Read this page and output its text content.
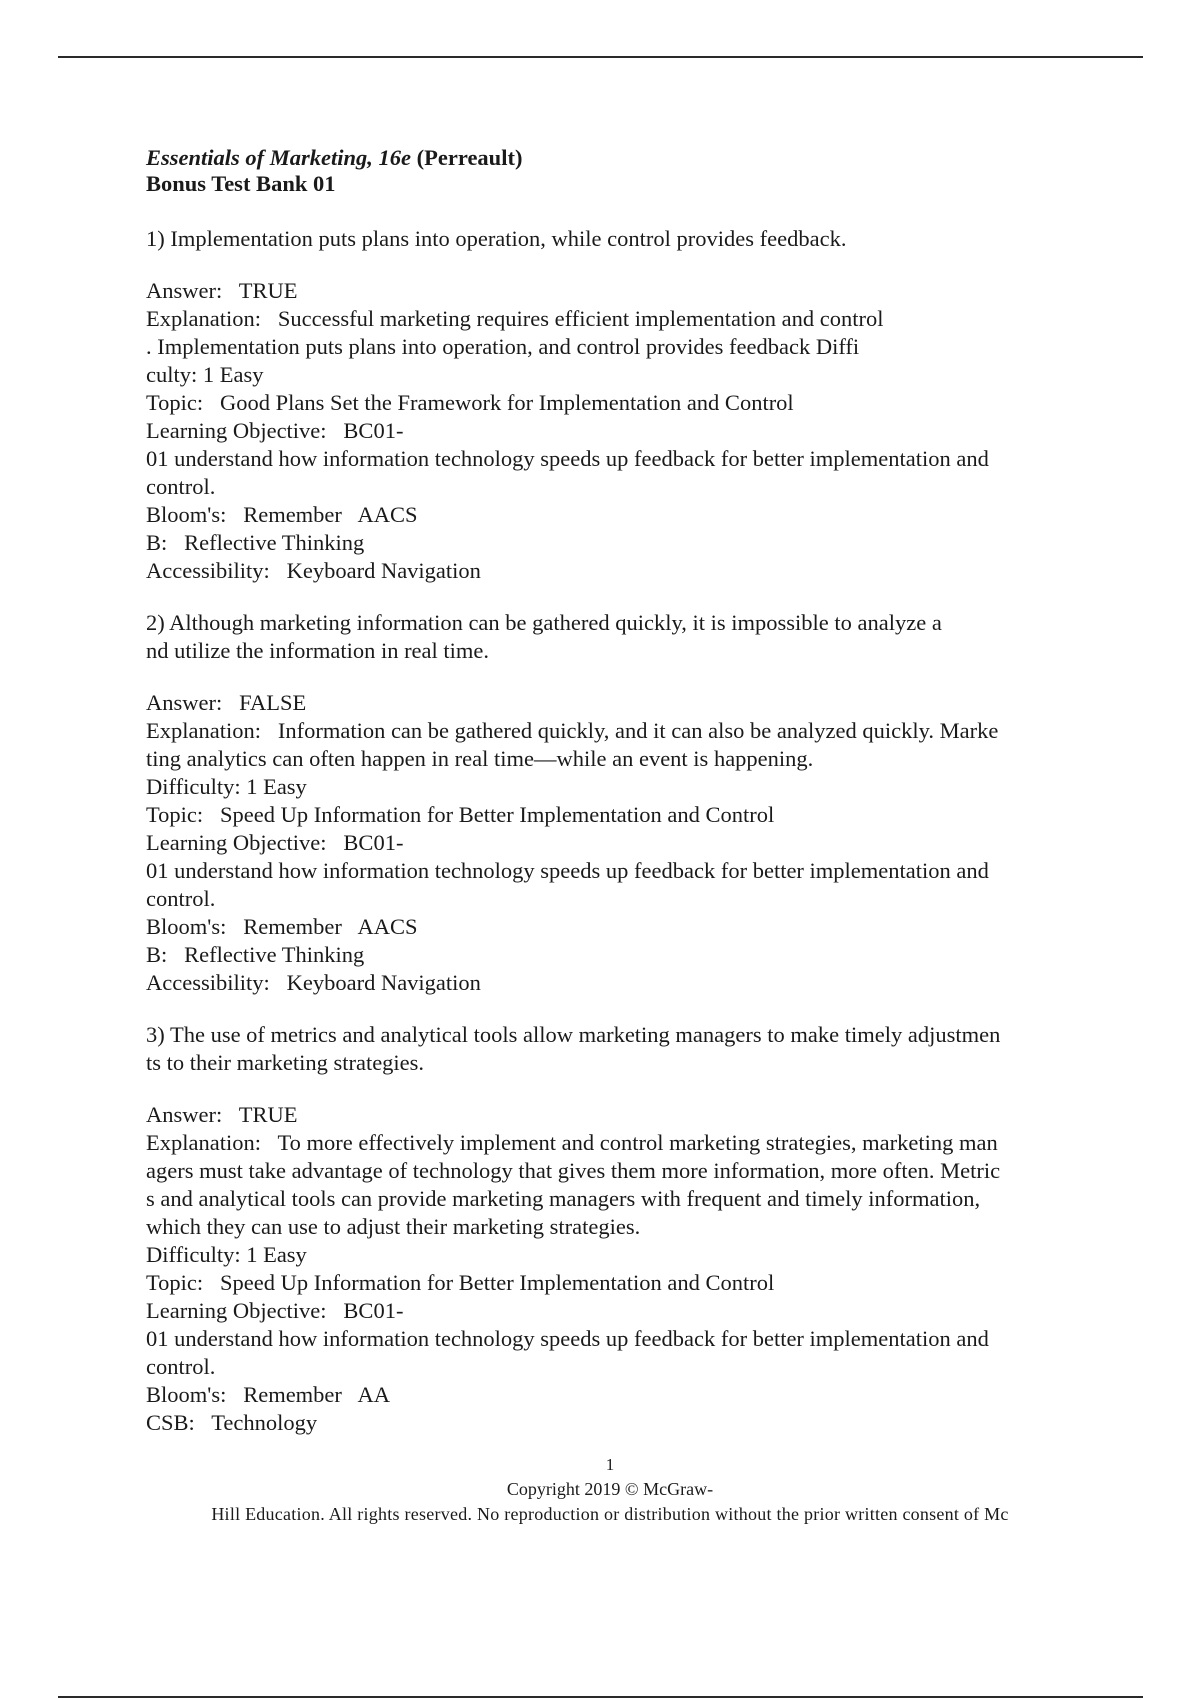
Essentials of Marketing, 16e (Perreault)
Bonus Test Bank 01
1) Implementation puts plans into operation, while control provides feedback.
Answer:   TRUE
Explanation:   Successful marketing requires efficient implementation and control
. Implementation puts plans into operation, and control provides feedback Diffi
culty: 1 Easy
Topic:   Good Plans Set the Framework for Implementation and Control
Learning Objective:   BC01-
01 understand how information technology speeds up feedback for better implementation and
control.
Bloom's:   Remember   AACS
B:   Reflective Thinking
Accessibility:   Keyboard Navigation
2) Although marketing information can be gathered quickly, it is impossible to analyze a
nd utilize the information in real time.
Answer:   FALSE
Explanation:   Information can be gathered quickly, and it can also be analyzed quickly. Marke
ting analytics can often happen in real time—while an event is happening.
Difficulty: 1 Easy
Topic:   Speed Up Information for Better Implementation and Control
Learning Objective:   BC01-
01 understand how information technology speeds up feedback for better implementation and
control.
Bloom's:   Remember   AACS
B:   Reflective Thinking
Accessibility:   Keyboard Navigation
3) The use of metrics and analytical tools allow marketing managers to make timely adjustmen
ts to their marketing strategies.
Answer:   TRUE
Explanation:   To more effectively implement and control marketing strategies, marketing man
agers must take advantage of technology that gives them more information, more often. Metric
s and analytical tools can provide marketing managers with frequent and timely information,
which they can use to adjust their marketing strategies.
Difficulty: 1 Easy
Topic:   Speed Up Information for Better Implementation and Control
Learning Objective:   BC01-
01 understand how information technology speeds up feedback for better implementation and
control.
Bloom's:   Remember   AA
CSB:   Technology
1
Copyright 2019 © McGraw-
Hill Education. All rights reserved. No reproduction or distribution without the prior written consent of Mc
